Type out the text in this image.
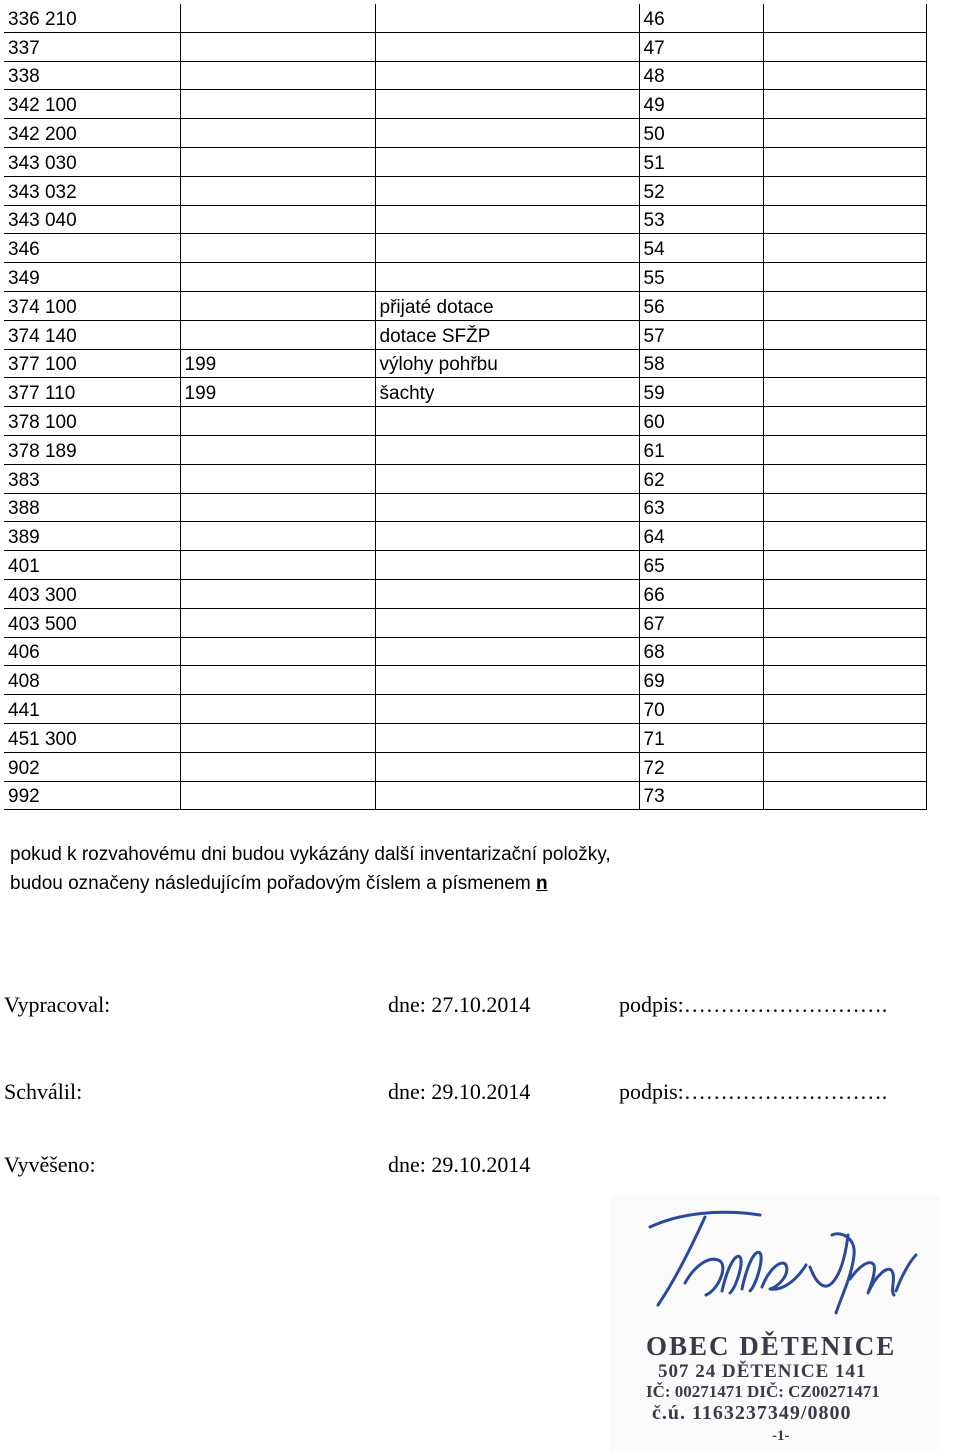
336 210			46	
337			47	
338			48	
342 100			49	
342 200			50	
343 030			51	
343 032			52	
343 040			53	
346			54	
349			55	
374 100		přijaté dotace	56	
374 140		dotace SFŽP	57	
377 100	199	výlohy pohřbu	58	
377 110	199	šachty	59	
378 100			60	
378 189			61	
383			62	
388			63	
389			64	
401			65	
403 300			66	
403 500			67	
406			68	
408			69	
441			70	
451 300			71	
902			72	
992			73	
pokud k rozvahovému dni budou vykázány další inventarizační položky,
budou označeny následujícím pořadovým číslem a písmenem n
Vypracoval:	dne: 27.10.2014	podpis:……………………….
Schválil:	dne: 29.10.2014	podpis:……………………….
Vyvěšeno:	dne: 29.10.2014
OBEC DĚTENICE
507 24 DĚTENICE 141
IČ: 00271471 DIČ: CZ00271471
č.ú. 1163237349/0800
-1-
